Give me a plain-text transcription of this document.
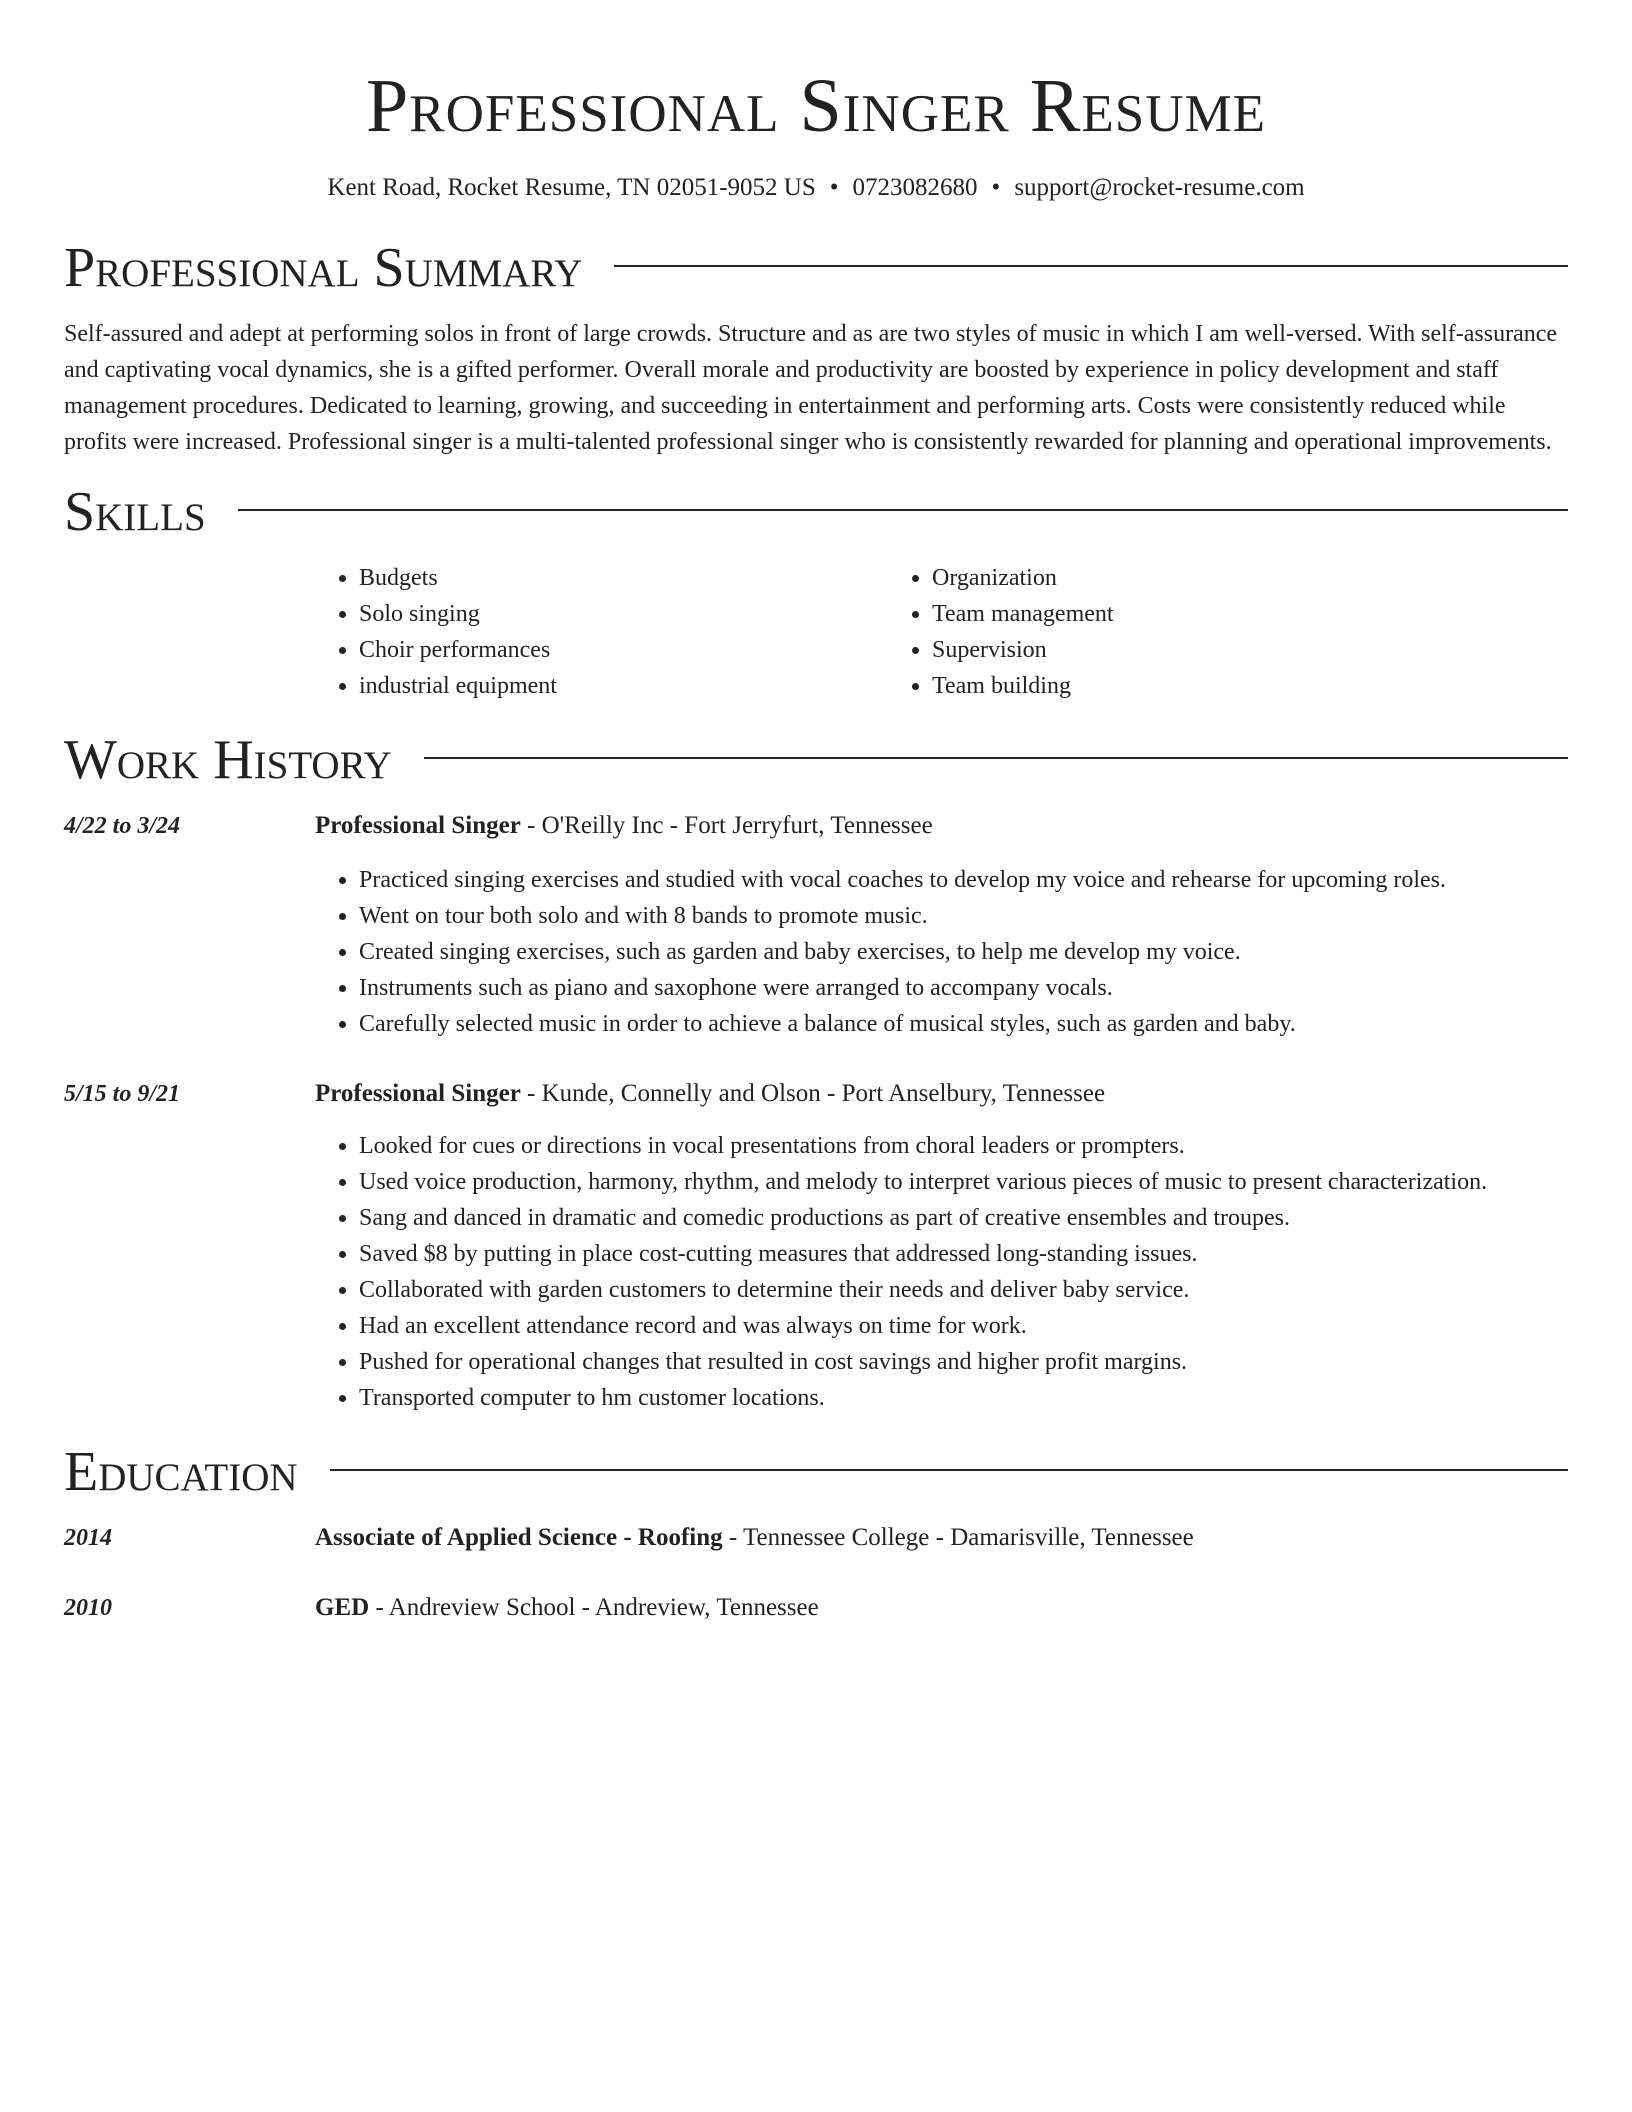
Professional Singer Resume
Kent Road, Rocket Resume, TN 02051-9052 US • 0723082680 • support@rocket-resume.com
Professional Summary

Self-assured and adept at performing solos in front of large crowds. Structure and as are two styles of music in which I am well-versed. With self-assurance and captivating vocal dynamics, she is a gifted performer. Overall morale and productivity are boosted by experience in policy development and staff management procedures. Dedicated to learning, growing, and succeeding in entertainment and performing arts. Costs were consistently reduced while profits were increased. Professional singer is a multi-talented professional singer who is consistently rewarded for planning and operational improvements.

Skills
• Budgets
• Solo singing
• Choir performances
• industrial equipment
• Organization
• Team management
• Supervision
• Team building
Work History
4/22 to 3/24	Professional Singer - O'Reilly Inc - Fort Jerryfurt, Tennessee
• Practiced singing exercises and studied with vocal coaches to develop my voice and rehearse for upcoming roles.
• Went on tour both solo and with 8 bands to promote music.
• Created singing exercises, such as garden and baby exercises, to help me develop my voice.
• Instruments such as piano and saxophone were arranged to accompany vocals.
• Carefully selected music in order to achieve a balance of musical styles, such as garden and baby.
5/15 to 9/21	Professional Singer - Kunde, Connelly and Olson - Port Anselbury, Tennessee
• Looked for cues or directions in vocal presentations from choral leaders or prompters.
• Used voice production, harmony, rhythm, and melody to interpret various pieces of music to present characterization.
• Sang and danced in dramatic and comedic productions as part of creative ensembles and troupes.
• Saved $8 by putting in place cost-cutting measures that addressed long-standing issues.
• Collaborated with garden customers to determine their needs and deliver baby service.
• Had an excellent attendance record and was always on time for work.
• Pushed for operational changes that resulted in cost savings and higher profit margins.
• Transported computer to hm customer locations.
Education
2014	Associate of Applied Science - Roofing - Tennessee College - Damarisville, Tennessee
2010	GED - Andreview School - Andreview, Tennessee
